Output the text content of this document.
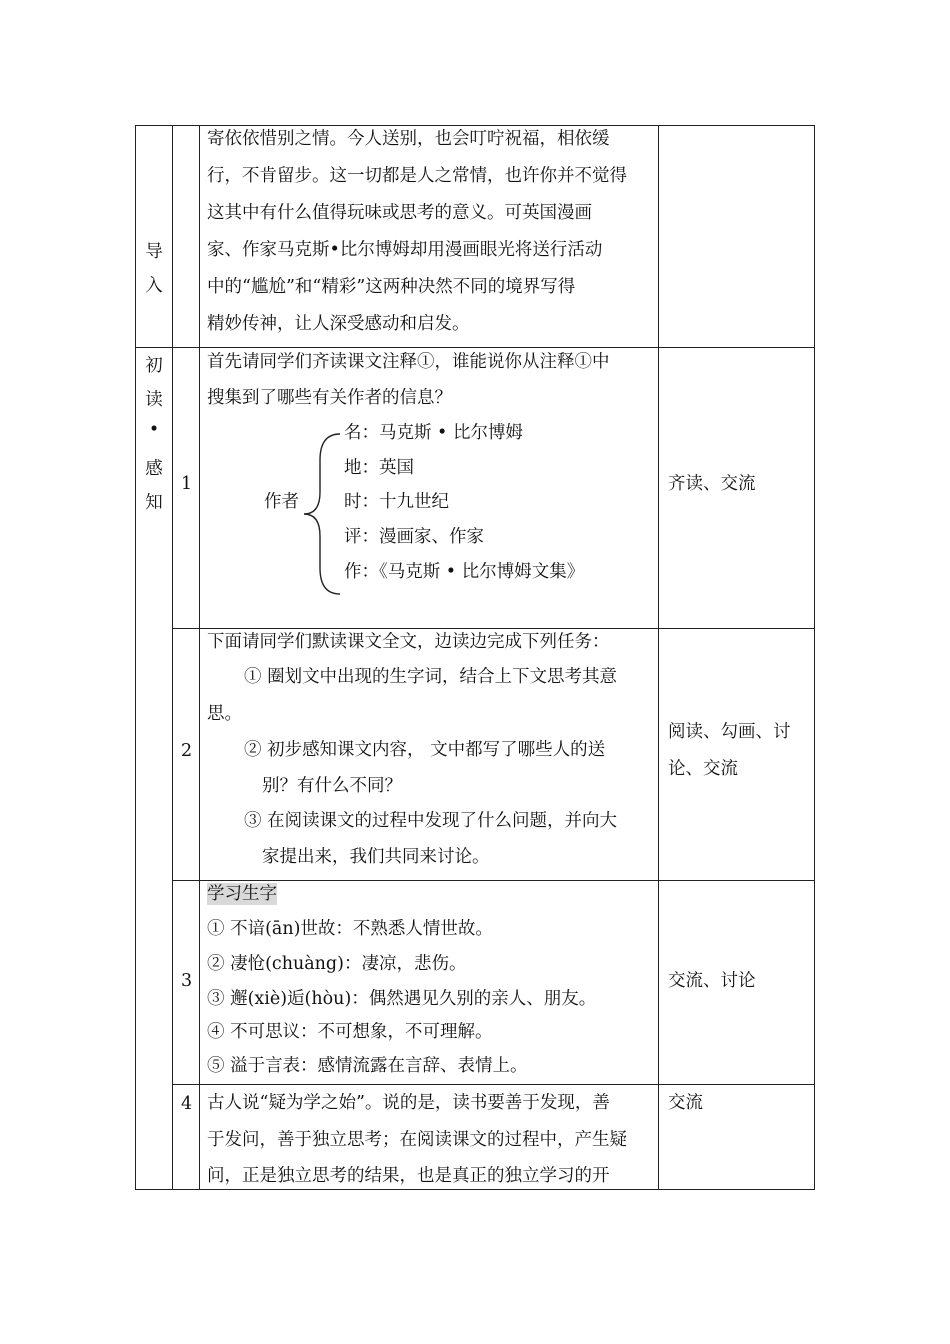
导
入
寄依依惜别之情。今人送别，也会叮咛祝福，相依缓
行，不肯留步。这一切都是人之常情，也许你并不觉得
这其中有什么值得玩味或思考的意义。可英国漫画
家、作家马克斯•比尔博姆却用漫画眼光将送行活动
中的“尴尬”和“精彩”这两种决然不同的境界写得
精妙传神，让人深受感动和启发。
初
读
•
感
知
1
首先请同学们齐读课文注释①，谁能说你从注释①中
搜集到了哪些有关作者的信息？
作者
名：马克斯 • 比尔博姆
地：英国
时：十九世纪
评：漫画家、作家
作：《马克斯 • 比尔博姆文集》
齐读、交流
2
下面请同学们默读课文全文，边读边完成下列任务：
① 圈划文中出现的生字词，结合上下文思考其意
思。
② 初步感知课文内容， 文中都写了哪些人的送
别？有什么不同？
③ 在阅读课文的过程中发现了什么问题，并向大
家提出来，我们共同来讨论。
阅读、勾画、讨
论、交流
3
学习生字
① 不谙(ān)世故：不熟悉人情世故。
② 凄怆(chuàng)：凄凉，悲伤。
③ 邂(xiè)逅(hòu)：偶然遇见久别的亲人、朋友。
④ 不可思议：不可想象，不可理解。
⑤ 溢于言表：感情流露在言辞、表情上。
交流、讨论
4 古人说“疑为学之始”。说的是，读书要善于发现，善
于发问，善于独立思考；在阅读课文的过程中，产生疑
问，正是独立思考的结果，也是真正的独立学习的开
交流
